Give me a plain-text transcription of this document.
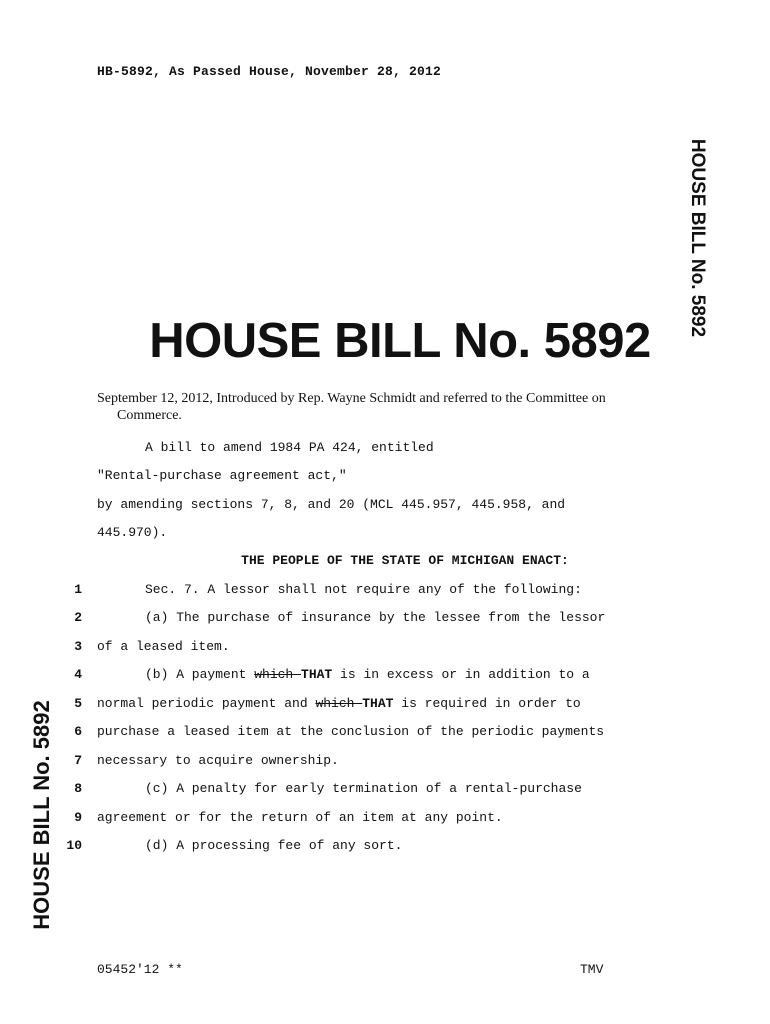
HB-5892, As Passed House, November 28, 2012
HOUSE BILL No. 5892
HOUSE BILL No. 5892
HOUSE BILL No. 5892
September 12, 2012, Introduced by Rep. Wayne Schmidt and referred to the Committee on
Commerce.
A bill to amend 1984 PA 424, entitled
"Rental-purchase agreement act,"
by amending sections 7, 8, and 20 (MCL 445.957, 445.958, and
445.970).
THE PEOPLE OF THE STATE OF MICHIGAN ENACT:
1	Sec. 7. A lessor shall not require any of the following:
2	(a) The purchase of insurance by the lessee from the lessor
3 of a leased item.
4	(b) A payment which THAT is in excess or in addition to a
5 normal periodic payment and which THAT is required in order to
6 purchase a leased item at the conclusion of the periodic payments
7 necessary to acquire ownership.
8	(c) A penalty for early termination of a rental-purchase
9 agreement or for the return of an item at any point.
10	(d) A processing fee of any sort.
05452'12 **	TMV
